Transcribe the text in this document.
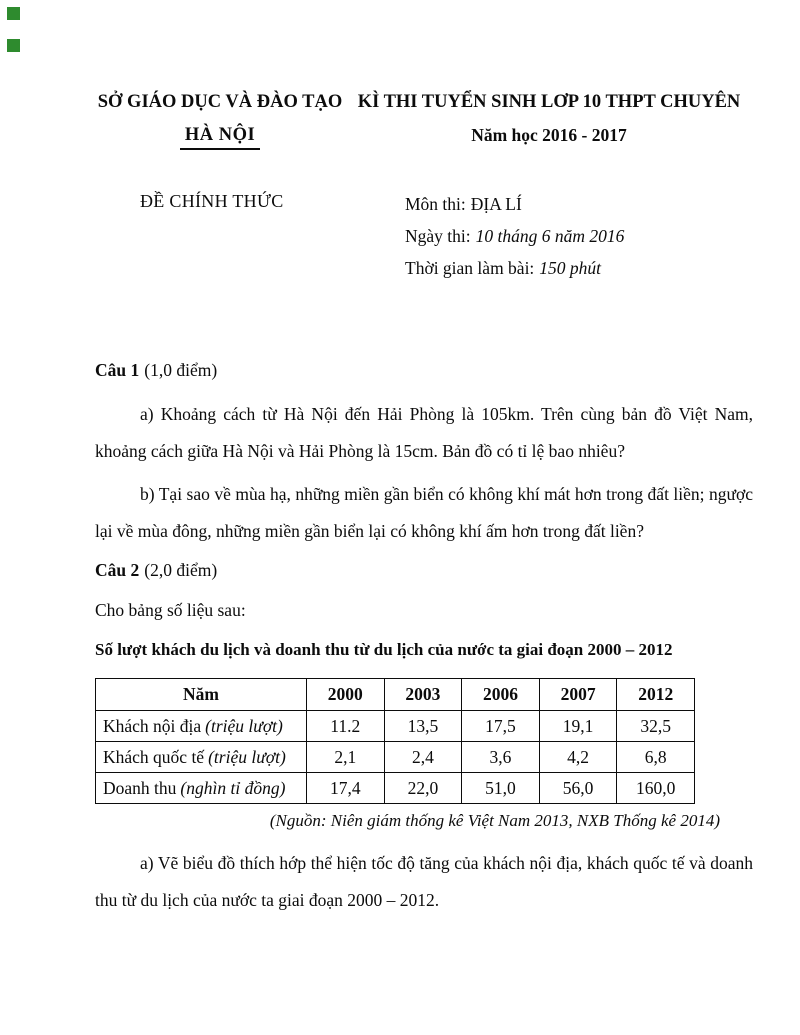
SỞ GIÁO DỤC VÀ ĐÀO TẠO
HÀ NỘI
KÌ THI TUYỂN SINH LƠP 10 THPT CHUYÊN
Năm học 2016 - 2017
ĐỀ CHÍNH THỨC	Môn thi: ĐỊA LÍ
Ngày thi: 10 tháng 6 năm 2016
Thời gian làm bài: 150 phút
Câu 1 (1,0 điểm)
a) Khoảng cách từ Hà Nội đến Hải Phòng là 105km. Trên cùng bản đồ Việt Nam, khoảng cách giữa Hà Nội và Hải Phòng là 15cm. Bản đồ có tỉ lệ bao nhiêu?
b) Tại sao về mùa hạ, những miền gần biển có không khí mát hơn trong đất liền; ngược lại về mùa đông, những miền gần biển lại có không khí ấm hơn trong đất liền?
Câu 2 (2,0 điểm)
Cho bảng số liệu sau:
Số lượt khách du lịch và doanh thu từ du lịch của nước ta giai đoạn 2000 – 2012
Năm	2000	2003	2006	2007	2012
Khách nội địa (triệu lượt)	11.2	13,5	17,5	19,1	32,5
Khách quốc tế (triệu lượt)	2,1	2,4	3,6	4,2	6,8
Doanh thu (nghìn tỉ đồng)	17,4	22,0	51,0	56,0	160,0
(Nguồn: Niên giám thống kê Việt Nam 2013, NXB Thống kê 2014)
a) Vẽ biểu đồ thích hớp thể hiện tốc độ tăng của khách nội địa, khách quốc tế và doanh thu từ du lịch của nước ta giai đoạn 2000 – 2012.
